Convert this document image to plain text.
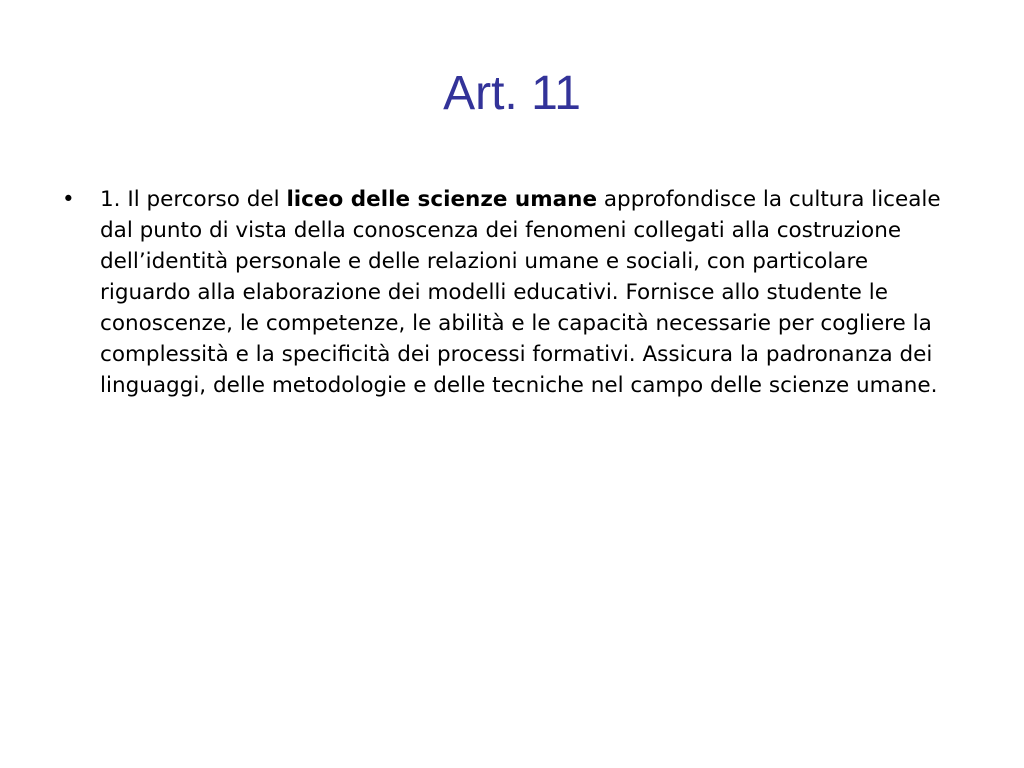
Art. 11
•	1. Il percorso del liceo delle scienze umane approfondisce la cultura liceale dal punto di vista della conoscenza dei fenomeni collegati alla costruzione dell’identità personale e delle relazioni umane e sociali, con particolare riguardo alla elaborazione dei modelli educativi. Fornisce allo studente le conoscenze, le competenze, le abilità e le capacità necessarie per cogliere la complessità e la specificità dei processi formativi. Assicura la padronanza dei linguaggi, delle metodologie e delle tecniche nel campo delle scienze umane.
